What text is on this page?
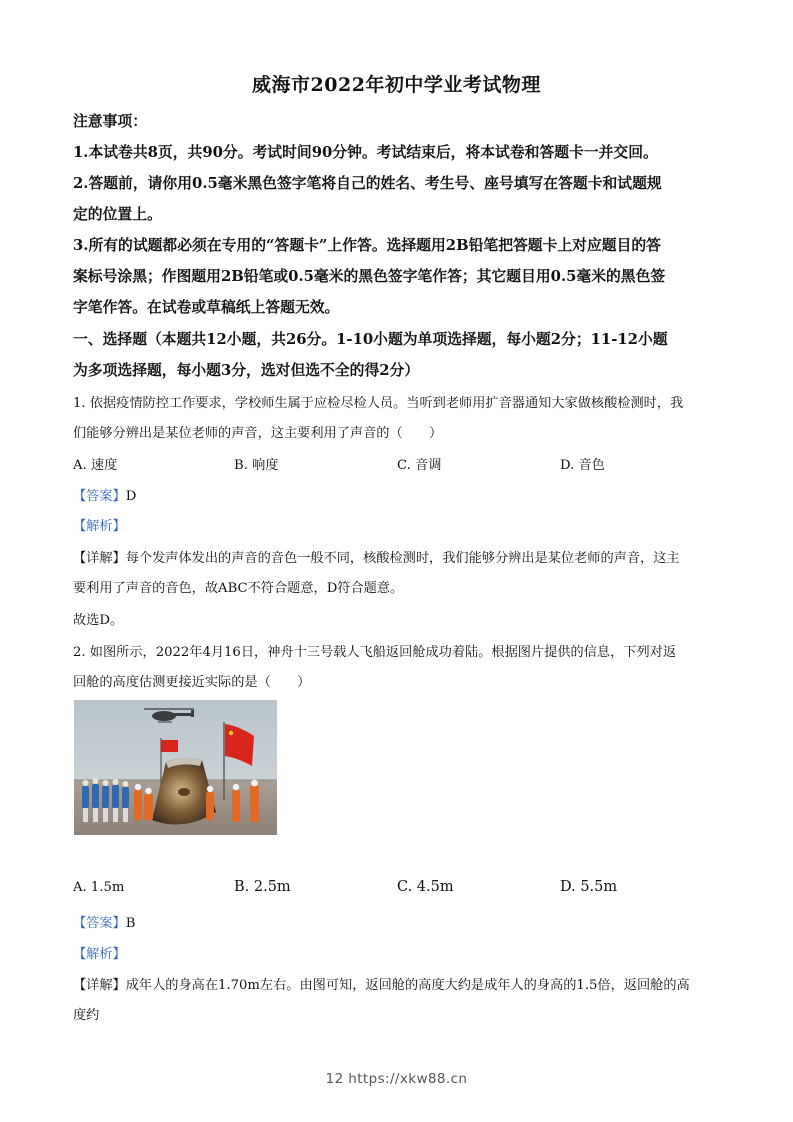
威海市2022年初中学业考试物理
注意事项：
1.本试卷共8页，共90分。考试时间90分钟。考试结束后，将本试卷和答题卡一并交回。
2.答题前，请你用0.5毫米黑色签字笔将自己的姓名、考生号、座号填写在答题卡和试题规
定的位置上。
3.所有的试题都必须在专用的“答题卡”上作答。选择题用2B铅笔把答题卡上对应题目的答
案标号涂黑；作图题用2B铅笔或0.5毫米的黑色签字笔作答；其它题目用0.5毫米的黑色签
字笔作答。在试卷或草稿纸上答题无效。
一、选择题（本题共12小题，共26分。1-10小题为单项选择题，每小题2分；11-12小题
为多项选择题，每小题3分，选对但选不全的得2分）
1. 依据疫情防控工作要求，学校师生属于应检尽检人员。当听到老师用扩音器通知大家做核酸检测时，我
们能够分辨出是某位老师的声音，这主要利用了声音的（　　）
A. 速度	B. 响度	C. 音调	D. 音色
【答案】D
【解析】
【详解】每个发声体发出的声音的音色一般不同，核酸检测时，我们能够分辨出是某位老师的声音，这主
要利用了声音的音色，故ABC不符合题意，D符合题意。
故选D。
2. 如图所示，2022年4月16日，神舟十三号载人飞船返回舱成功着陆。根据图片提供的信息，下列对返
回舱的高度估测更接近实际的是（　　）
A. 1.5m	B. 2.5m	C. 4.5m	D. 5.5m
【答案】B
【解析】
【详解】成年人的身高在1.70m左右。由图可知，返回舱的高度大约是成年人的身高的1.5倍，返回舱的高
度约
12 https://xkw88.cn
